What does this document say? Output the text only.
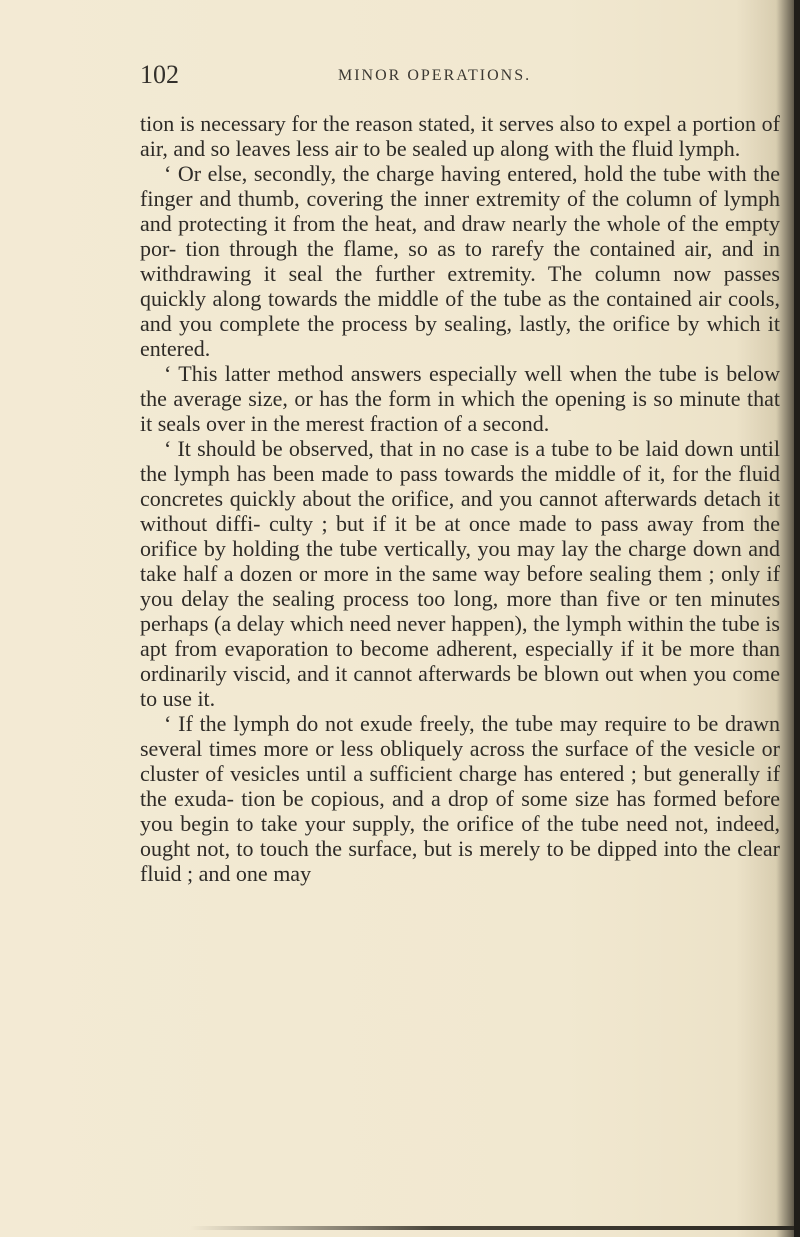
102	MINOR OPERATIONS.

tion is necessary for the reason stated, it serves also to expel a portion of air, and so leaves less air to be sealed up along with the fluid lymph.

‘ Or else, secondly, the charge having entered, hold the tube with the finger and thumb, covering the inner extremity of the column of lymph and protecting it from the heat, and draw nearly the whole of the empty por- tion through the flame, so as to rarefy the contained air, and in withdrawing it seal the further extremity. The column now passes quickly along towards the middle of the tube as the contained air cools, and you complete the process by sealing, lastly, the orifice by which it entered.

‘ This latter method answers especially well when the tube is below the average size, or has the form in which the opening is so minute that it seals over in the merest fraction of a second.

‘ It should be observed, that in no case is a tube to be laid down until the lymph has been made to pass towards the middle of it, for the fluid concretes quickly about the orifice, and you cannot afterwards detach it without diffi- culty ; but if it be at once made to pass away from the orifice by holding the tube vertically, you may lay the charge down and take half a dozen or more in the same way before sealing them ; only if you delay the sealing process too long, more than five or ten minutes perhaps (a delay which need never happen), the lymph within the tube is apt from evaporation to become adherent, especially if it be more than ordinarily viscid, and it cannot afterwards be blown out when you come to use it.

‘ If the lymph do not exude freely, the tube may require to be drawn several times more or less obliquely across the surface of the vesicle or cluster of vesicles until a sufficient charge has entered ; but generally if the exuda- tion be copious, and a drop of some size has formed before you begin to take your supply, the orifice of the tube need not, indeed, ought not, to touch the surface, but is merely to be dipped into the clear fluid ; and one may
